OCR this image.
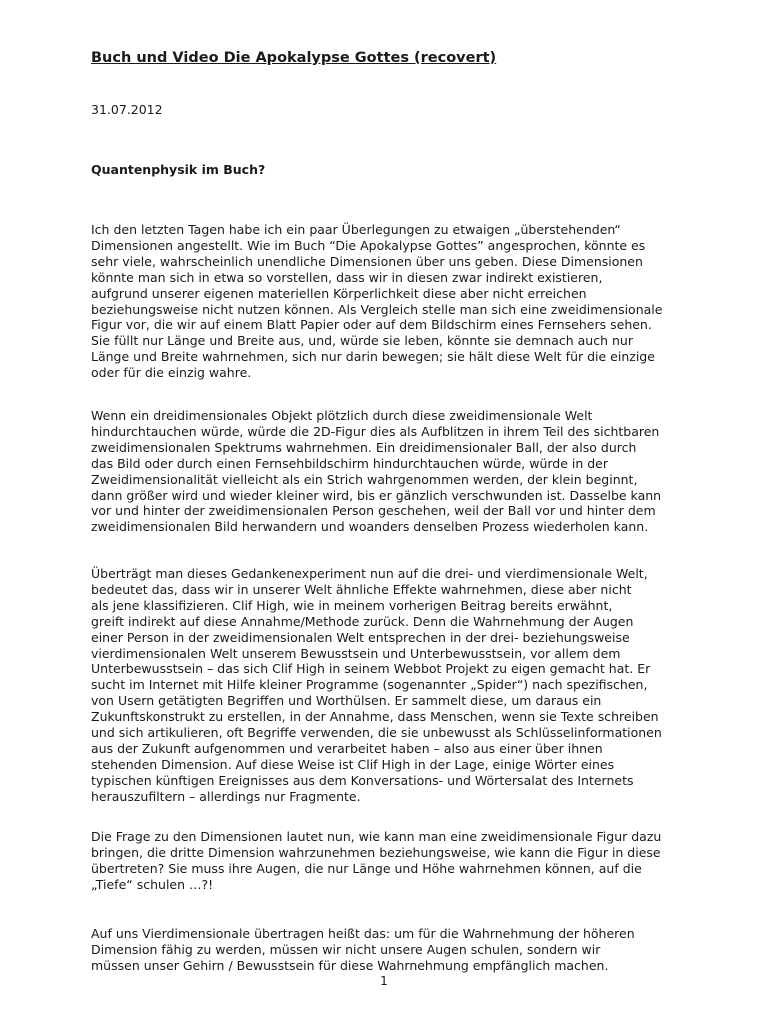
Buch und Video Die Apokalypse Gottes (recovert)

31.07.2012

Quantenphysik im Buch?

Ich den letzten Tagen habe ich ein paar Überlegungen zu etwaigen „überstehenden“
Dimensionen angestellt. Wie im Buch “Die Apokalypse Gottes” angesprochen, könnte es
sehr viele, wahrscheinlich unendliche Dimensionen über uns geben. Diese Dimensionen
könnte man sich in etwa so vorstellen, dass wir in diesen zwar indirekt existieren,
aufgrund unserer eigenen materiellen Körperlichkeit diese aber nicht erreichen
beziehungsweise nicht nutzen können. Als Vergleich stelle man sich eine zweidimensionale
Figur vor, die wir auf einem Blatt Papier oder auf dem Bildschirm eines Fernsehers sehen.
Sie füllt nur Länge und Breite aus, und, würde sie leben, könnte sie demnach auch nur
Länge und Breite wahrnehmen, sich nur darin bewegen; sie hält diese Welt für die einzige
oder für die einzig wahre.
Wenn ein dreidimensionales Objekt plötzlich durch diese zweidimensionale Welt
hindurchtauchen würde, würde die 2D-Figur dies als Aufblitzen in ihrem Teil des sichtbaren
zweidimensionalen Spektrums wahrnehmen. Ein dreidimensionaler Ball, der also durch
das Bild oder durch einen Fernsehbildschirm hindurchtauchen würde, würde in der
Zweidimensionalität vielleicht als ein Strich wahrgenommen werden, der klein beginnt,
dann größer wird und wieder kleiner wird, bis er gänzlich verschwunden ist. Dasselbe kann
vor und hinter der zweidimensionalen Person geschehen, weil der Ball vor und hinter dem
zweidimensionalen Bild herwandern und woanders denselben Prozess wiederholen kann.
Überträgt man dieses Gedankenexperiment nun auf die drei- und vierdimensionale Welt,
bedeutet das, dass wir in unserer Welt ähnliche Effekte wahrnehmen, diese aber nicht
als jene klassifizieren. Clif High, wie in meinem vorherigen Beitrag bereits erwähnt,
greift indirekt auf diese Annahme/Methode zurück. Denn die Wahrnehmung der Augen
einer Person in der zweidimensionalen Welt entsprechen in der drei- beziehungsweise
vierdimensionalen Welt unserem Bewusstsein und Unterbewusstsein, vor allem dem
Unterbewusstsein – das sich Clif High in seinem Webbot Projekt zu eigen gemacht hat. Er
sucht im Internet mit Hilfe kleiner Programme (sogenannter „Spider“) nach spezifischen,
von Usern getätigten Begriffen und Worthülsen. Er sammelt diese, um daraus ein
Zukunftskonstrukt zu erstellen, in der Annahme, dass Menschen, wenn sie Texte schreiben
und sich artikulieren, oft Begriffe verwenden, die sie unbewusst als Schlüsselinformationen
aus der Zukunft aufgenommen und verarbeitet haben – also aus einer über ihnen
stehenden Dimension. Auf diese Weise ist Clif High in der Lage, einige Wörter eines
typischen künftigen Ereignisses aus dem Konversations- und Wörtersalat des Internets
herauszufiltern – allerdings nur Fragmente.
Die Frage zu den Dimensionen lautet nun, wie kann man eine zweidimensionale Figur dazu
bringen, die dritte Dimension wahrzunehmen beziehungsweise, wie kann die Figur in diese
übertreten? Sie muss ihre Augen, die nur Länge und Höhe wahrnehmen können, auf die
„Tiefe“ schulen …?!
Auf uns Vierdimensionale übertragen heißt das: um für die Wahrnehmung der höheren
Dimension fähig zu werden, müssen wir nicht unsere Augen schulen, sondern wir
müssen unser Gehirn / Bewusstsein für diese Wahrnehmung empfänglich machen.
1
